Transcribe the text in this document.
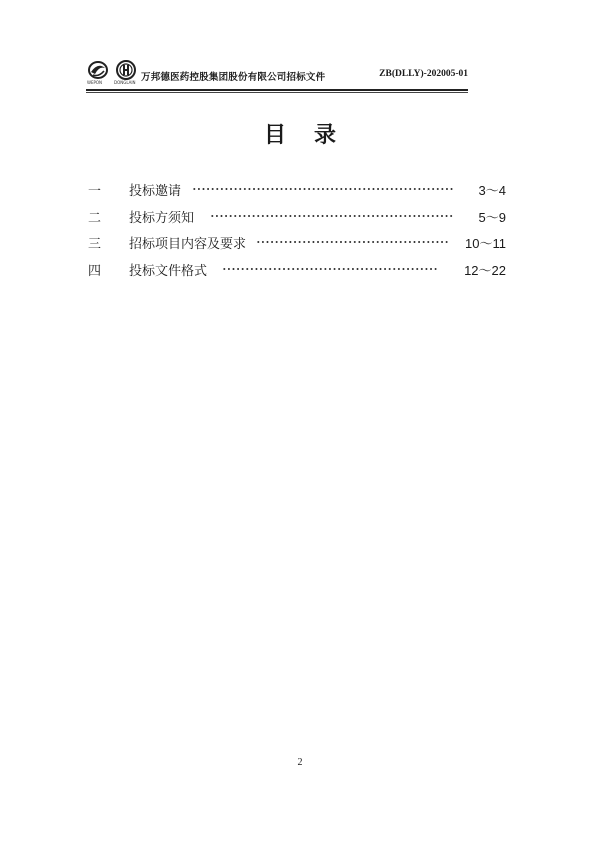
WEPON	DONGLAIN 万邦德医药控股集团股份有限公司招标文件	ZB(DLLY)-202005-01
目录
一 投标邀请	3～4
二 投标方须知	5～9
三 招标项目内容及要求	10～11
四 投标文件格式	12～22
2
